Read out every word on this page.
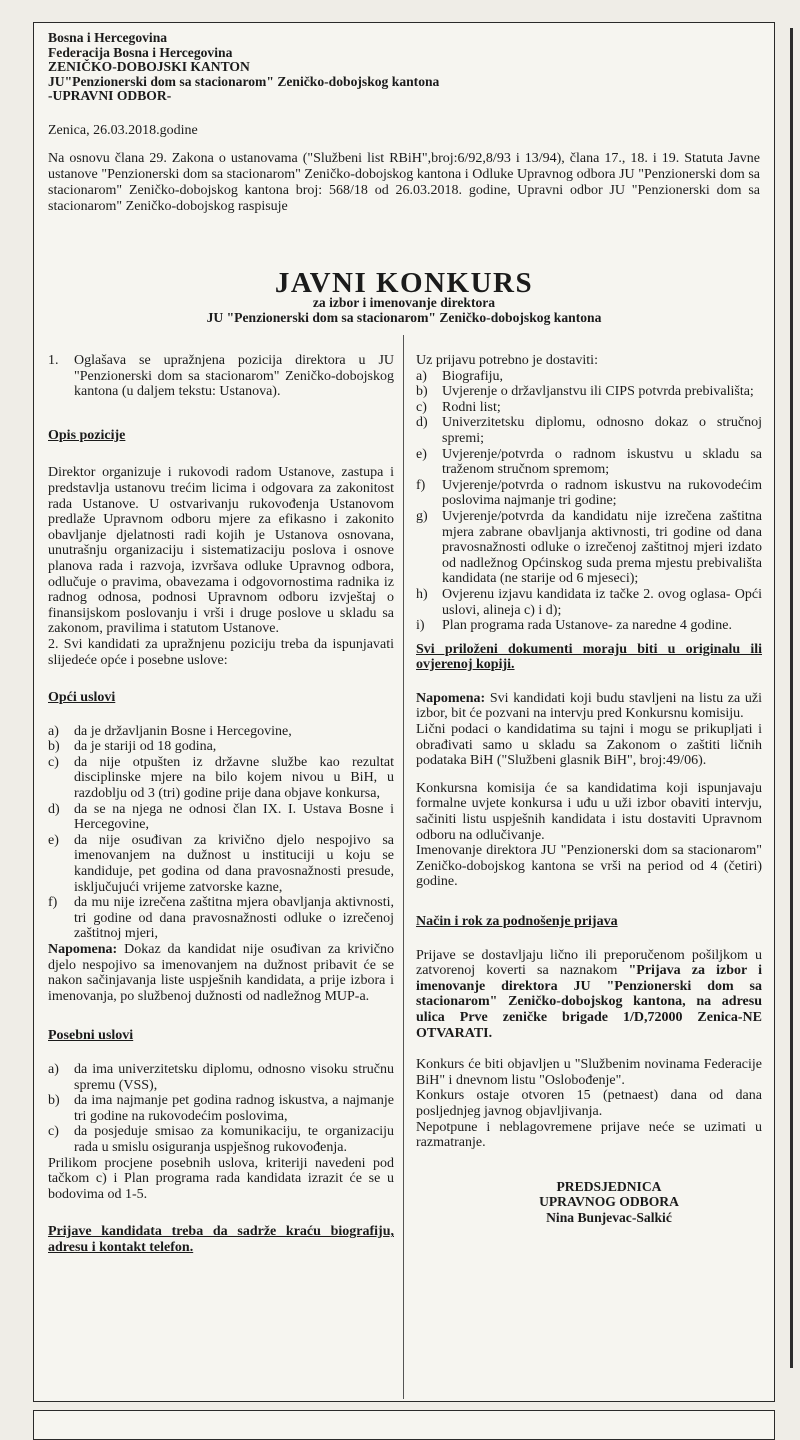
Bosna i Hercegovina
Federacija Bosna i Hercegovina
ZENIČKO-DOBOJSKI KANTON
JU"Penzionerski dom sa stacionarom" Zeničko-dobojskog kantona
-UPRAVNI ODBOR-
Zenica, 26.03.2018.godine

Na osnovu člana 29. Zakona o ustanovama ("Službeni list RBiH",broj:6/92,8/93 i 13/94), člana 17., 18. i 19. Statuta Javne ustanove "Penzionerski dom sa stacionarom" Zeničko-dobojskog kantona i Odluke Upravnog odbora JU "Penzionerski dom sa stacionarom" Zeničko-dobojskog kantona broj: 568/18 od 26.03.2018. godine, Upravni odbor JU "Penzionerski dom sa stacionarom" Zeničko-dobojskog raspisuje

JAVNI KONKURS
za izbor i imenovanje direktora
JU "Penzionerski dom sa stacionarom" Zeničko-dobojskog kantona
1.	Oglašava se upražnjena pozicija direktora u JU "Penzionerski dom sa stacionarom" Zeničko-dobojskog kantona (u daljem tekstu: Ustanova).
Opis pozicije

Direktor organizuje i rukovodi radom Ustanove, zastupa i predstavlja ustanovu trećim licima i odgovara za zakonitost rada Ustanove. U ostvarivanju rukovođenja Ustanovom predlaže Upravnom odboru mjere za efikasno i zakonito obavljanje djelatnosti radi kojih je Ustanova osnovana, unutrašnju organizaciju i sistematizaciju poslova i osnove planova rada i razvoja, izvršava odluke Upravnog odbora, odlučuje o pravima, obavezama i odgovornostima radnika iz radnog odnosa, podnosi Upravnom odboru izvještaj o finansijskom poslovanju i vrši i druge poslove u skladu sa zakonom, pravilima i statutom Ustanove.

2. Svi kandidati za upražnjenu poziciju treba da ispunjavati slijedeće opće i posebne uslove:

Opći uslovi
a)	da je državljanin Bosne i Hercegovine,
b)	da je stariji od 18 godina,
c)	da nije otpušten iz državne službe kao rezultat disciplinske mjere na bilo kojem nivou u BiH, u razdoblju od 3 (tri) godine prije dana objave konkursa,
d)	da se na njega ne odnosi član IX. I. Ustava Bosne i Hercegovine,
e)	da nije osuđivan za krivično djelo nespojivo sa imenovanjem na dužnost u instituciji u koju se kandiduje, pet godina od dana pravosnažnosti presude, isključujući vrijeme zatvorske kazne,
f)	da mu nije izrečena zaštitna mjera obavljanja aktivnosti, tri godine od dana pravosnažnosti odluke o izrečenoj zaštitnoj mjeri,

Napomena: Dokaz da kandidat nije osuđivan za krivično djelo nespojivo sa imenovanjem na dužnost pribavit će se nakon sačinjavanja liste uspješnih kandidata, a prije izbora i imenovanja, po službenoj dužnosti od nadležnog MUP-a.

Posebni uslovi
a)	da ima univerzitetsku diplomu, odnosno visoku stručnu spremu (VSS),
b)	da ima najmanje pet godina radnog iskustva, a najmanje tri godine na rukovodećim poslovima,
c)	da posjeduje smisao za komunikaciju, te organizaciju rada u smislu osiguranja uspješnog rukovođenja.

Prilikom procjene posebnih uslova, kriteriji navedeni pod tačkom c) i Plan programa rada kandidata izrazit će se u bodovima od 1-5.

Prijave kandidata treba da sadrže kraću biografiju, adresu i kontakt telefon.

Uz prijavu potrebno je dostaviti:

a)	Biografiju,
b)	Uvjerenje o državljanstvu ili CIPS potvrda prebivališta;
c)	Rodni list;
d)	Univerzitetsku diplomu, odnosno dokaz o stručnoj spremi;
e)	Uvjerenje/potvrda o radnom iskustvu u skladu sa traženom stručnom spremom;
f)	Uvjerenje/potvrda o radnom iskustvu na rukovodećim poslovima najmanje tri godine;
g)	Uvjerenje/potvrda da kandidatu nije izrečena zaštitna mjera zabrane obavljanja aktivnosti, tri godine od dana pravosnažnosti odluke o izrečenoj zaštitnoj mjeri izdato od nadležnog Općinskog suda prema mjestu prebivališta kandidata (ne starije od 6 mjeseci);
h)	Ovjerenu izjavu kandidata iz tačke 2. ovog oglasa- Opći uslovi, alineja c) i d);
i)	Plan programa rada Ustanove- za naredne 4 godine.

Svi priloženi dokumenti moraju biti u originalu ili ovjerenoj kopiji.

Napomena: Svi kandidati koji budu stavljeni na listu za uži izbor, bit će pozvani na intervju pred Konkursnu komisiju.

Lični podaci o kandidatima su tajni i mogu se prikupljati i obrađivati samo u skladu sa Zakonom o zaštiti ličnih podataka BiH ("Službeni glasnik BiH", broj:49/06).

Konkursna komisija će sa kandidatima koji ispunjavaju formalne uvjete konkursa i uđu u uži izbor obaviti intervju, sačiniti listu uspješnih kandidata i istu dostaviti Upravnom odboru na odlučivanje.

Imenovanje direktora JU "Penzionerski dom sa stacionarom" Zeničko-dobojskog kantona se vrši na period od 4 (četiri) godine.

Način i rok za podnošenje prijava

Prijave se dostavljaju lično ili preporučenom pošiljkom u zatvorenoj koverti sa naznakom "Prijava za izbor i imenovanje direktora JU "Penzionerski dom sa stacionarom" Zeničko-dobojskog kantona, na adresu ulica Prve zeničke brigade 1/D,72000 Zenica-NE OTVARATI.

Konkurs će biti objavljen u "Službenim novinama Federacije BiH" i dnevnom listu "Oslobođenje".

Konkurs ostaje otvoren 15 (petnaest) dana od dana posljednjeg javnog objavljivanja.

Nepotpune i neblagovremene prijave neće se uzimati u razmatranje.

PREDSJEDNICA
UPRAVNOG ODBORA
Nina Bunjevac-Salkić
